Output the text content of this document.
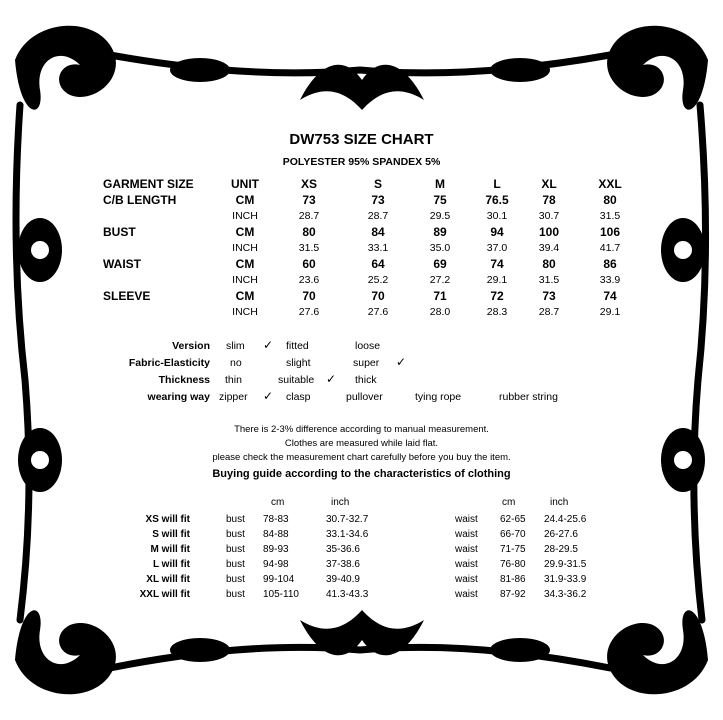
DW753 SIZE CHART
POLYESTER 95% SPANDEX 5%
GARMENT SIZE	UNIT	XS	S	M	L	XL	XXL
C/B LENGTH	CM	73	73	75	76.5	78	80
INCH	28.7	28.7	29.5	30.1	30.7	31.5
BUST	CM	80	84	89	94	100	106
INCH	31.5	33.1	35.0	37.0	39.4	41.7
WAIST	CM	60	64	69	74	80	86
INCH	23.6	25.2	27.2	29.1	31.5	33.9
SLEEVE	CM	70	70	71	72	73	74
INCH	27.6	27.6	28.0	28.3	28.7	29.1
Version slim ✓ fitted	loose
Fabric-Elasticity no	slight	super ✓
Thickness thin	suitable ✓ thick
wearing way zipper ✓ clasp	pullover	tying rope	rubber string
There is 2-3% difference according to manual measurement.
Clothes are measured while laid flat.
please check the measurement chart carefully before you buy the item.
Buying guide according to the characteristics of clothing
cm	inch	cm	inch
XS will fit	bust 78-83	30.7-32.7	waist 62-65 24.4-25.6
S will fit	bust 84-88	33.1-34.6	waist 66-70 26-27.6
M will fit	bust 89-93	35-36.6	waist 71-75 28-29.5
L will fit	bust 94-98	37-38.6	waist 76-80 29.9-31.5
XL will fit	bust 99-104	39-40.9	waist 81-86 31.9-33.9
XXL will fit	bust 105-110	41.3-43.3	waist 87-92 34.3-36.2
